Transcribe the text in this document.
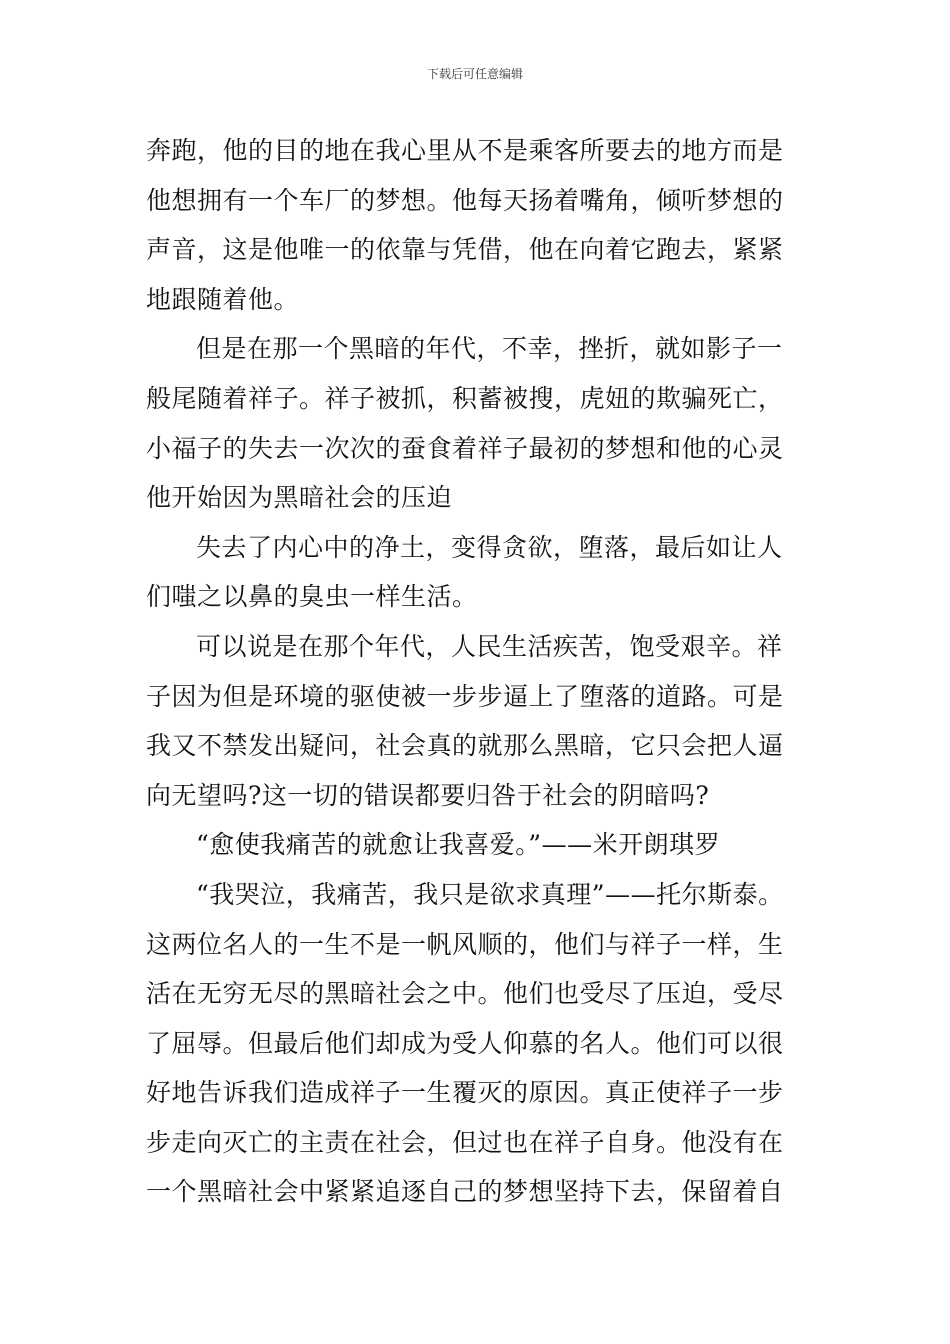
下载后可任意编辑
奔跑，他的目的地在我心里从不是乘客所要去的地方而是
他想拥有一个车厂的梦想。他每天扬着嘴角，倾听梦想的
声音，这是他唯一的依靠与凭借，他在向着它跑去，紧紧
地跟随着他。
但是在那一个黑暗的年代，不幸，挫折，就如影子一
般尾随着祥子。祥子被抓，积蓄被搜，虎妞的欺骗死亡，
小福子的失去一次次的蚕食着祥子最初的梦想和他的心灵
他开始因为黑暗社会的压迫
失去了内心中的净土，变得贪欲，堕落，最后如让人
们嗤之以鼻的臭虫一样生活。
可以说是在那个年代，人民生活疾苦，饱受艰辛。祥
子因为但是环境的驱使被一步步逼上了堕落的道路。可是
我又不禁发出疑问，社会真的就那么黑暗，它只会把人逼
向无望吗?这一切的错误都要归咎于社会的阴暗吗?
“愈使我痛苦的就愈让我喜爱。”——米开朗琪罗
“我哭泣，我痛苦，我只是欲求真理”——托尔斯泰。
这两位名人的一生不是一帆风顺的，他们与祥子一样，生
活在无穷无尽的黑暗社会之中。他们也受尽了压迫，受尽
了屈辱。但最后他们却成为受人仰慕的名人。他们可以很
好地告诉我们造成祥子一生覆灭的原因。真正使祥子一步
步走向灭亡的主责在社会，但过也在祥子自身。他没有在
一个黑暗社会中紧紧追逐自己的梦想坚持下去，保留着自
